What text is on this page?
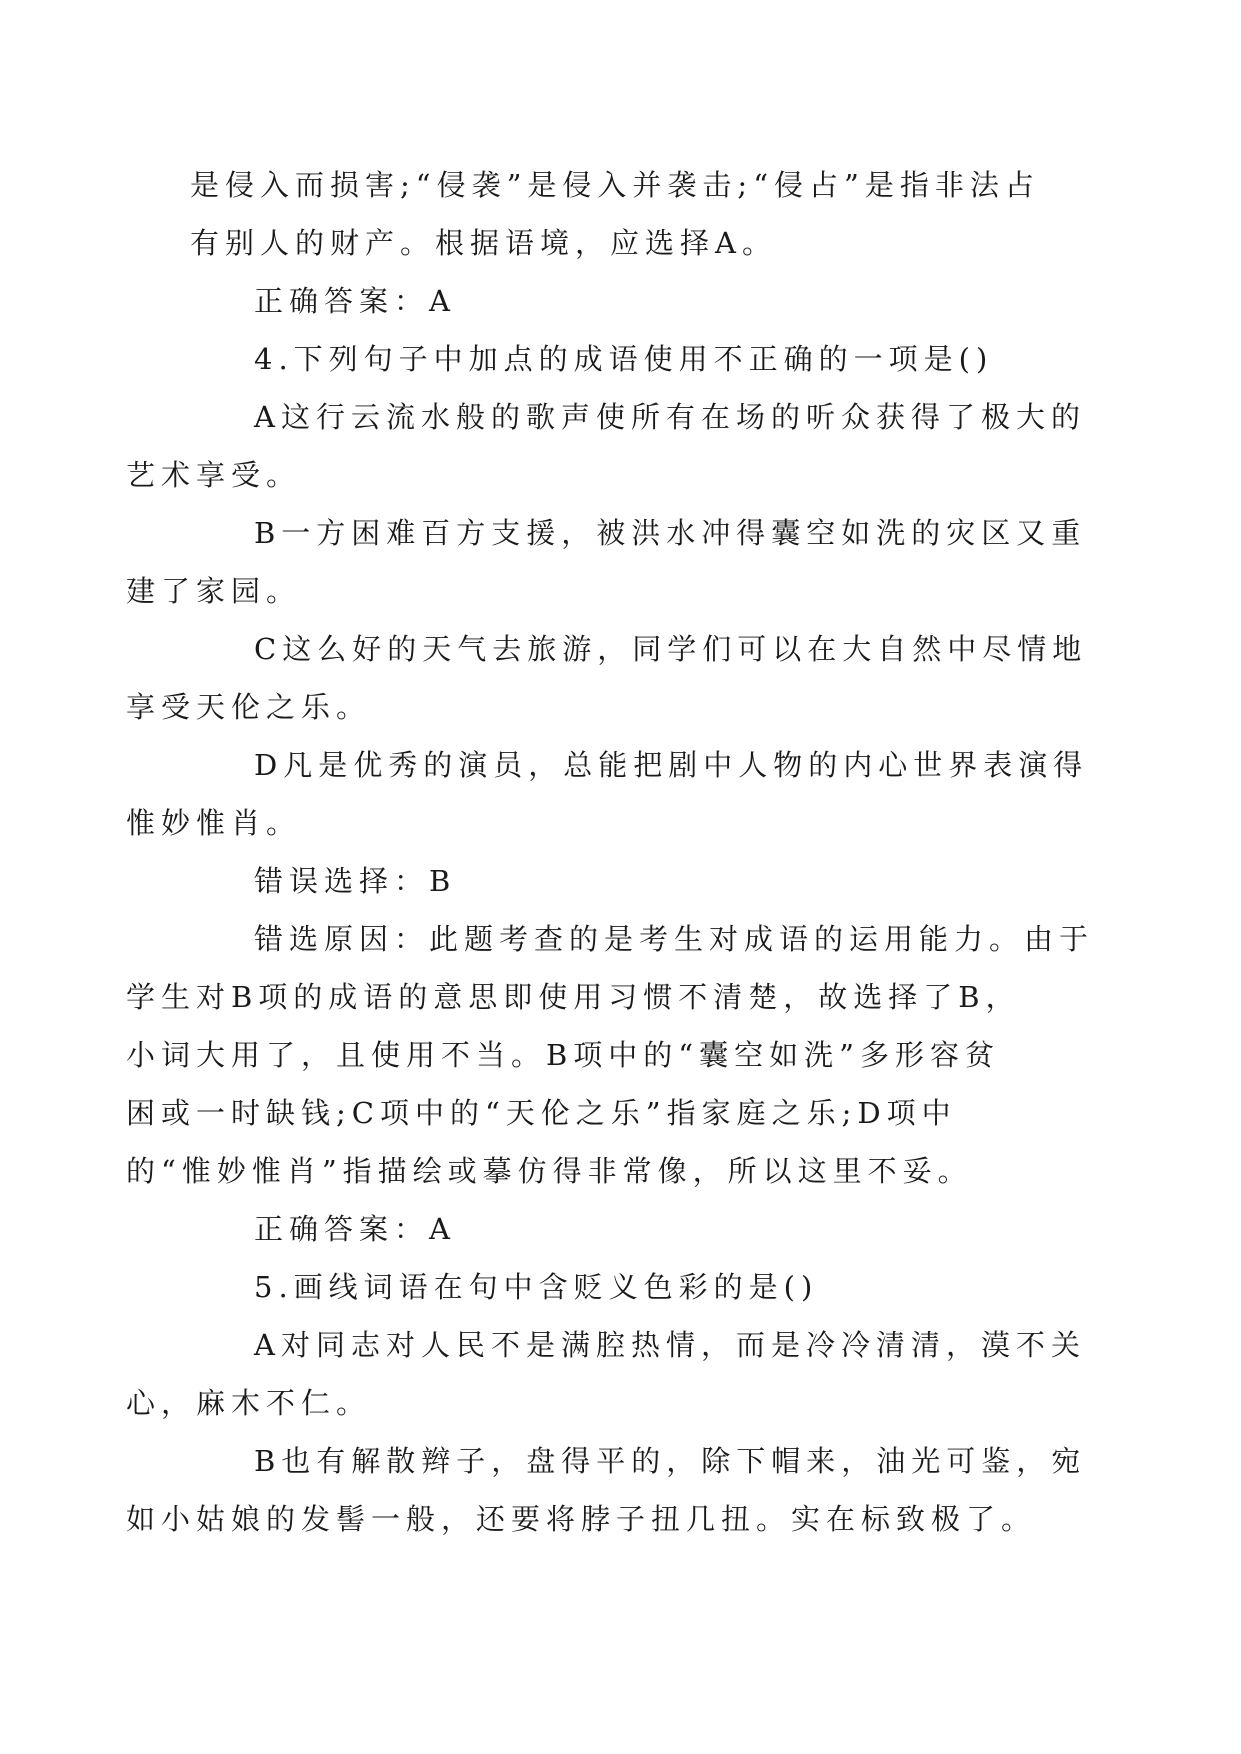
是侵入而损害;“侵袭”是侵入并袭击;“侵占”是指非法占
有别人的财产。根据语境，应选择A。

正确答案：A

4.下列句子中加点的成语使用不正确的一项是()

A这行云流水般的歌声使所有在场的听众获得了极大的
艺术享受。

B一方困难百方支援，被洪水冲得囊空如洗的灾区又重
建了家园。

C这么好的天气去旅游，同学们可以在大自然中尽情地
享受天伦之乐。

D凡是优秀的演员，总能把剧中人物的内心世界表演得
惟妙惟肖。

错误选择：B

错选原因：此题考查的是考生对成语的运用能力。由于
学生对B项的成语的意思即使用习惯不清楚，故选择了B，
小词大用了，且使用不当。B项中的“囊空如洗”多形容贫
困或一时缺钱;C项中的“天伦之乐”指家庭之乐;D项中
的“惟妙惟肖”指描绘或摹仿得非常像，所以这里不妥。

正确答案：A

5.画线词语在句中含贬义色彩的是()

A对同志对人民不是满腔热情，而是冷冷清清，漠不关
心，麻木不仁。

B也有解散辫子，盘得平的，除下帽来，油光可鉴，宛
如小姑娘的发髻一般，还要将脖子扭几扭。实在标致极了。
